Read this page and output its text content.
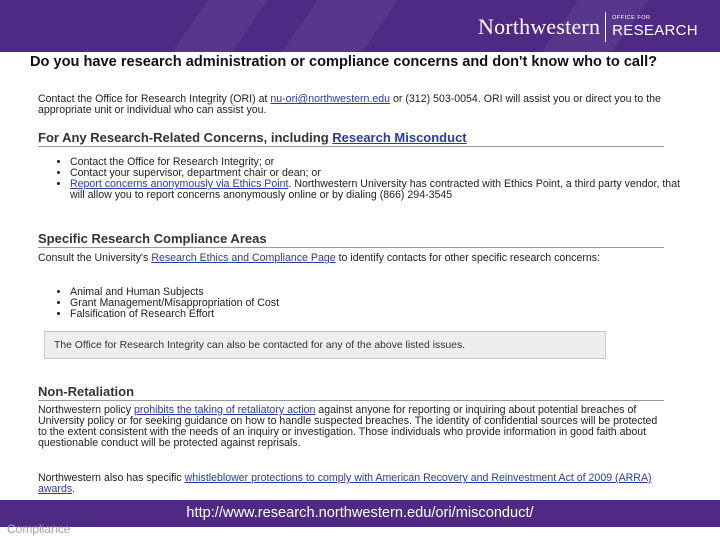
Northwestern OFFICE FOR
RESEARCH
Do you have research administration or compliance concerns and don't know who to call?
Contact the Office for Research Integrity (ORI) at nu-ori@northwestern.edu or (312) 503-0054. ORI will assist you or direct you to the appropriate unit or individual who can assist you.
For Any Research-Related Concerns, including Research Misconduct
• Contact the Office for Research Integrity; or
• Contact your supervisor, department chair or dean; or
• Report concerns anonymously via Ethics Point. Northwestern University has contracted with Ethics Point, a third party vendor, that will allow you to report concerns anonymously online or by dialing (866) 294-3545
Specific Research Compliance Areas
Consult the University's Research Ethics and Compliance Page to identify contacts for other specific research concerns:
• Animal and Human Subjects
• Grant Management/Misappropriation of Cost
• Falsification of Research Effort
The Office for Research Integrity can also be contacted for any of the above listed issues.
Non-Retaliation
Northwestern policy prohibits the taking of retaliatory action against anyone for reporting or inquiring about potential breaches of University policy or for seeking guidance on how to handle suspected breaches. The identity of confidential sources will be protected to the extent consistent with the needs of an inquiry or investigation. Those individuals who provide information in good faith about questionable conduct will be protected against reprisals.
Northwestern also has specific whistleblower protections to comply with American Recovery and Reinvestment Act of 2009 (ARRA) awards.
http://www.research.northwestern.edu/ori/misconduct/
Compliance
